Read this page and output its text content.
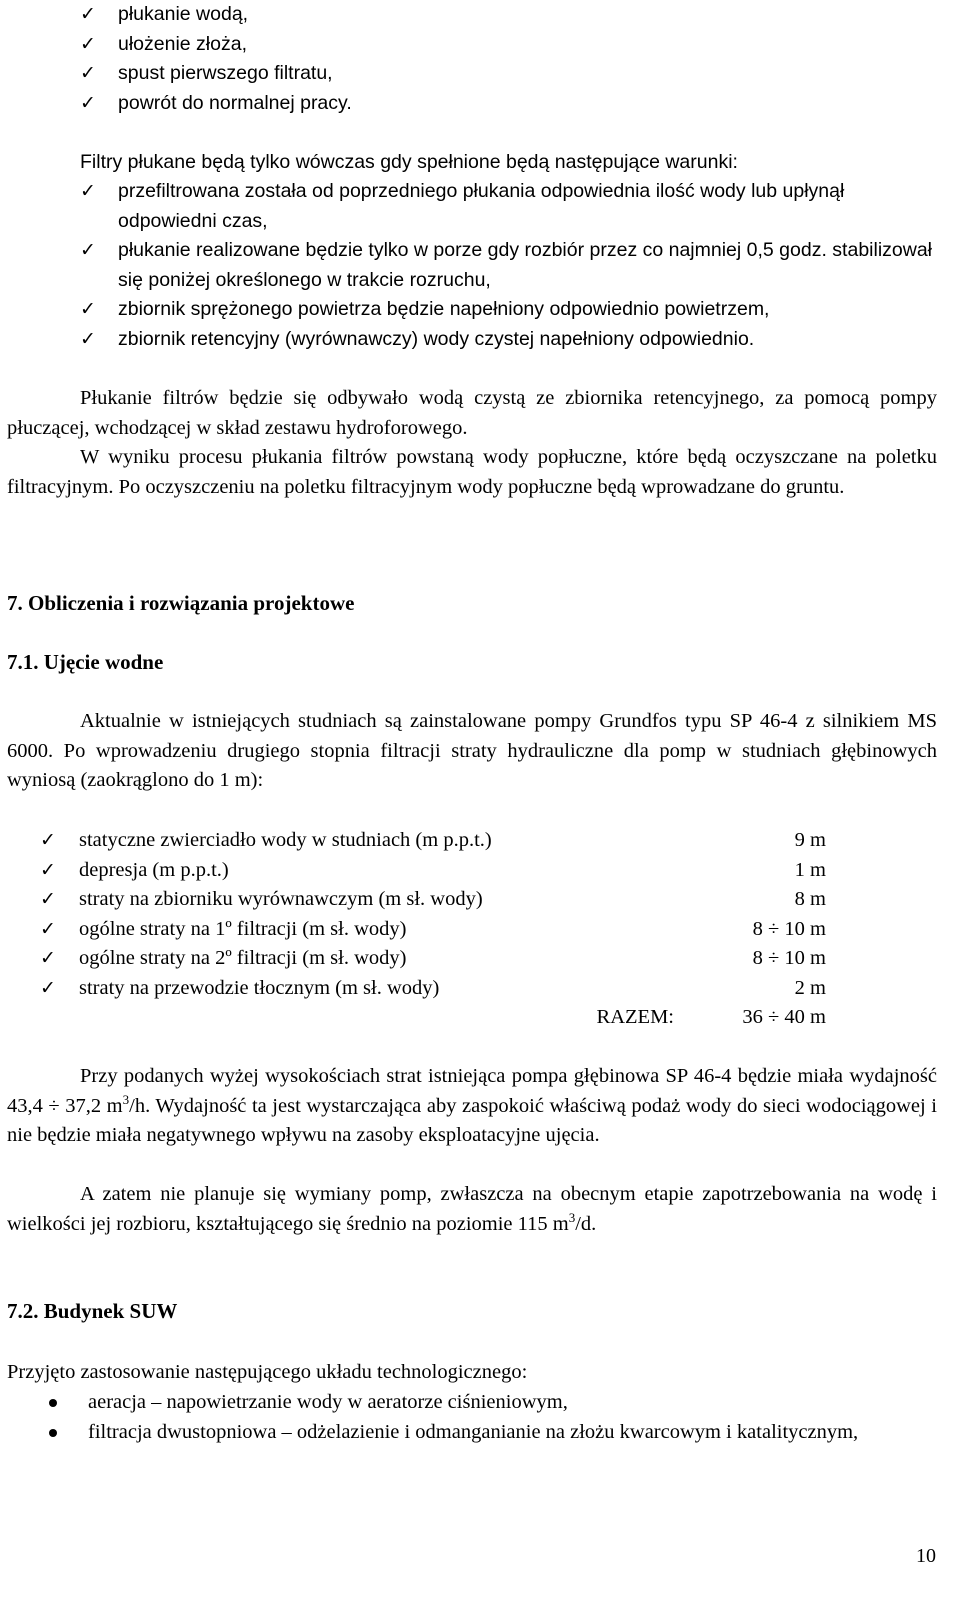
✓	płukanie wodą,
✓	ułożenie złoża,
✓	spust pierwszego filtratu,
✓	powrót do normalnej pracy.
Filtry płukane będą tylko wówczas gdy spełnione będą następujące warunki:
✓	przefiltrowana została od poprzedniego płukania odpowiednia ilość wody lub upłynął odpowiedni czas,
✓	płukanie realizowane będzie tylko w porze gdy rozbiór przez co najmniej 0,5 godz. stabilizował się poniżej określonego w trakcie rozruchu,
✓	zbiornik sprężonego powietrza będzie napełniony odpowiednio powietrzem,
✓	zbiornik retencyjny (wyrównawczy) wody czystej napełniony odpowiednio.

Płukanie filtrów będzie się odbywało wodą czystą ze zbiornika retencyjnego, za pomocą pompy płuczącej, wchodzącej w skład zestawu hydroforowego.

W wyniku procesu płukania filtrów powstaną wody popłuczne, które będą oczyszczane na poletku filtracyjnym. Po oczyszczeniu na poletku filtracyjnym wody popłuczne będą wprowadzane do gruntu.

7. Obliczenia i rozwiązania projektowe
7.1. Ujęcie wodne

Aktualnie w istniejących studniach są zainstalowane pompy Grundfos typu SP 46-4 z silnikiem MS 6000. Po wprowadzeniu drugiego stopnia filtracji straty hydrauliczne dla pomp w studniach głębinowych wyniosą (zaokrąglono do 1 m):

✓	statyczne zwierciadło wody w studniach (m p.p.t.)	9 m
✓	depresja (m p.p.t.)	1 m
✓	straty na zbiorniku wyrównawczym (m sł. wody)	8 m
✓	ogólne straty na 1º filtracji (m sł. wody)	8 ÷ 10 m
✓	ogólne straty na 2º filtracji (m sł. wody)	8 ÷ 10 m
✓	straty na przewodzie tłocznym (m sł. wody)	2 m
RAZEM:	36 ÷ 40 m

Przy podanych wyżej wysokościach strat istniejąca pompa głębinowa SP 46-4 będzie miała wydajność 43,4 ÷ 37,2 $m^3/h$. Wydajność ta jest wystarczająca aby zaspokoić właściwą podaż wody do sieci wodociągowej i nie będzie miała negatywnego wpływu na zasoby eksploatacyjne ujęcia.

A zatem nie planuje się wymiany pomp, zwłaszcza na obecnym etapie zapotrzebowania na wodę i wielkości jej rozbioru, kształtującego się średnio na poziomie 115 $m^3/d$.

7.2. Budynek SUW

Przyjęto zastosowanie następującego układu technologicznego:

aeracja – napowietrzanie wody w aeratorze ciśnieniowym,
filtracja dwustopniowa – odżelazienie i odmanganianie na złożu kwarcowym i katalitycznym,
10
